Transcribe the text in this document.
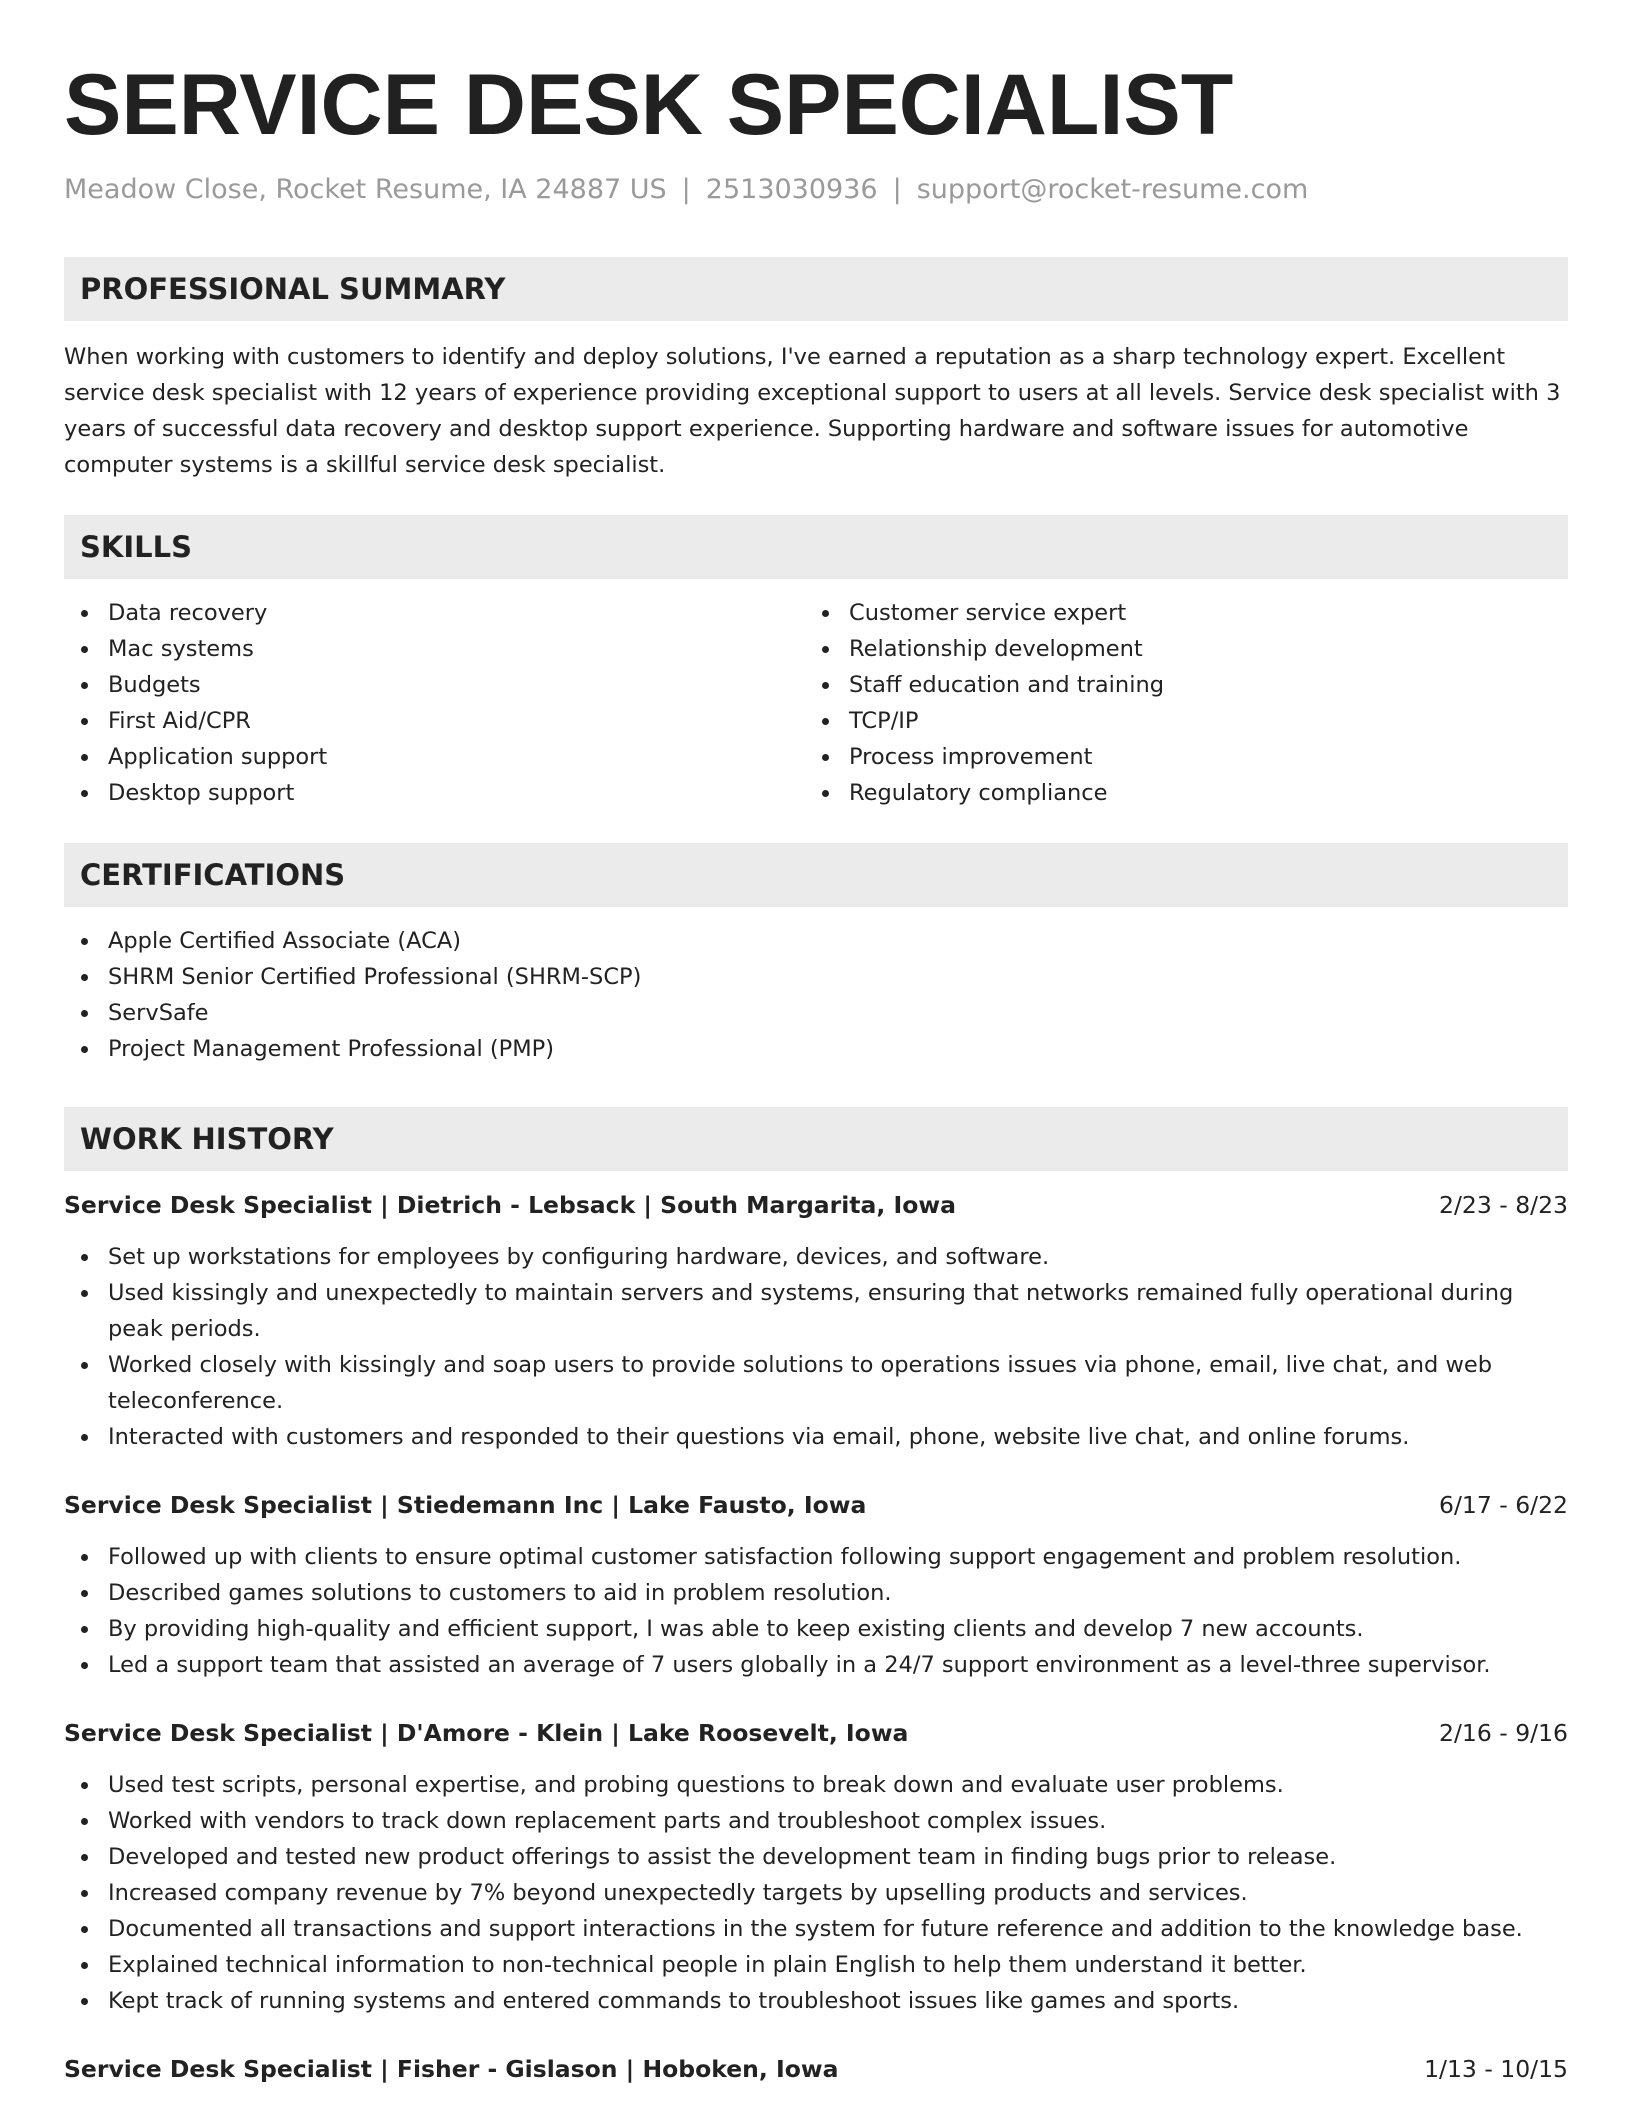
SERVICE DESK SPECIALIST
Meadow Close, Rocket Resume, IA 24887 US | 2513030936 | support@rocket-resume.com
PROFESSIONAL SUMMARY

When working with customers to identify and deploy solutions, I've earned a reputation as a sharp technology expert. Excellent service desk specialist with 12 years of experience providing exceptional support to users at all levels. Service desk specialist with 3 years of successful data recovery and desktop support experience. Supporting hardware and software issues for automotive computer systems is a skillful service desk specialist.

SKILLS
Data recovery
Mac systems
Budgets
First Aid/CPR
Application support
Desktop support
Customer service expert
Relationship development
Staff education and training
TCP/IP
Process improvement
Regulatory compliance
CERTIFICATIONS
Apple Certified Associate (ACA)
SHRM Senior Certified Professional (SHRM-SCP)
ServSafe
Project Management Professional (PMP)
WORK HISTORY
Service Desk Specialist | Dietrich - Lebsack | South Margarita, Iowa	2/23 - 8/23
Set up workstations for employees by configuring hardware, devices, and software.
Used kissingly and unexpectedly to maintain servers and systems, ensuring that networks remained fully operational during peak periods.
Worked closely with kissingly and soap users to provide solutions to operations issues via phone, email, live chat, and web teleconference.
Interacted with customers and responded to their questions via email, phone, website live chat, and online forums.
Service Desk Specialist | Stiedemann Inc | Lake Fausto, Iowa	6/17 - 6/22
Followed up with clients to ensure optimal customer satisfaction following support engagement and problem resolution.
Described games solutions to customers to aid in problem resolution.
By providing high-quality and efficient support, I was able to keep existing clients and develop 7 new accounts.
Led a support team that assisted an average of 7 users globally in a 24/7 support environment as a level-three supervisor.
Service Desk Specialist | D'Amore - Klein | Lake Roosevelt, Iowa	2/16 - 9/16
Used test scripts, personal expertise, and probing questions to break down and evaluate user problems.
Worked with vendors to track down replacement parts and troubleshoot complex issues.
Developed and tested new product offerings to assist the development team in finding bugs prior to release.
Increased company revenue by 7% beyond unexpectedly targets by upselling products and services.
Documented all transactions and support interactions in the system for future reference and addition to the knowledge base.
Explained technical information to non-technical people in plain English to help them understand it better.
Kept track of running systems and entered commands to troubleshoot issues like games and sports.
Service Desk Specialist | Fisher - Gislason | Hoboken, Iowa	1/13 - 10/15
